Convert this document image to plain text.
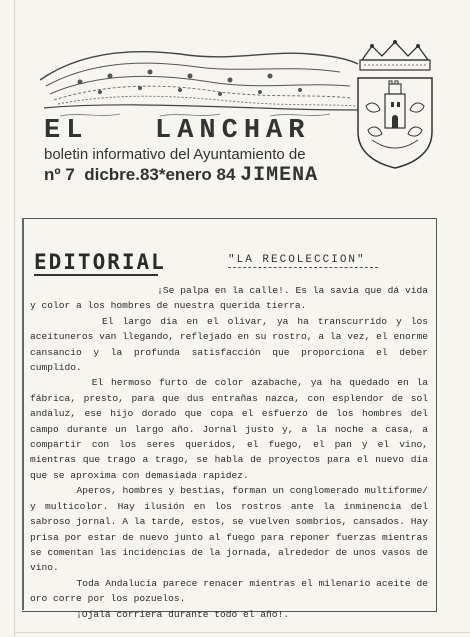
EL   LANCHAR
boletin informativo del Ayuntamiento de
nº 7  dicbre.83*enero 84 JIMENA
EDITORIAL	"LA RECOLECCION"

¡Se palpa en la calle!. Es la savia que dá vida y color a los hombres de nuestra querida tierra.

El largo dia en el olivar, ya ha transcurrido y los aceituneros van llegando, reflejado en su rostro, a la vez, el enorme cansancio y la profunda satisfacción que proporciona el deber cumplido.

El hermoso furto de color azabache, ya ha quedado en la fábrica, presto, para que dus entrañas nazca, con esplendor de sol andaluz, ese hijo dorado que copa el esfuerzo de los hombres del campo durante un largo año. Jornal justo y, a la noche a casa, a compartir con los seres queridos, el fuego, el pan y el vino, mientras que trago a trago, se habla de proyectos para el nuevo dia que se aproxima con demasiada rapidez.

Aperos, hombres y bestias, forman un conglomerado multiforme/ y multicolor. Hay ilusión en los rostros ante la inminencia del sabroso jornal. A la tarde, estos, se vuelven sombrios, cansados. Hay prisa por estar de nuevo junto al fuego para reponer fuerzas mientras se comentan las incidencias de la jornada, alrededor de unos vasos de vino.

Toda Andalucia parece renacer mientras el milenario aceite de oro corre por los pozuelos.

¡Ojalá corriera durante todo el año!.
